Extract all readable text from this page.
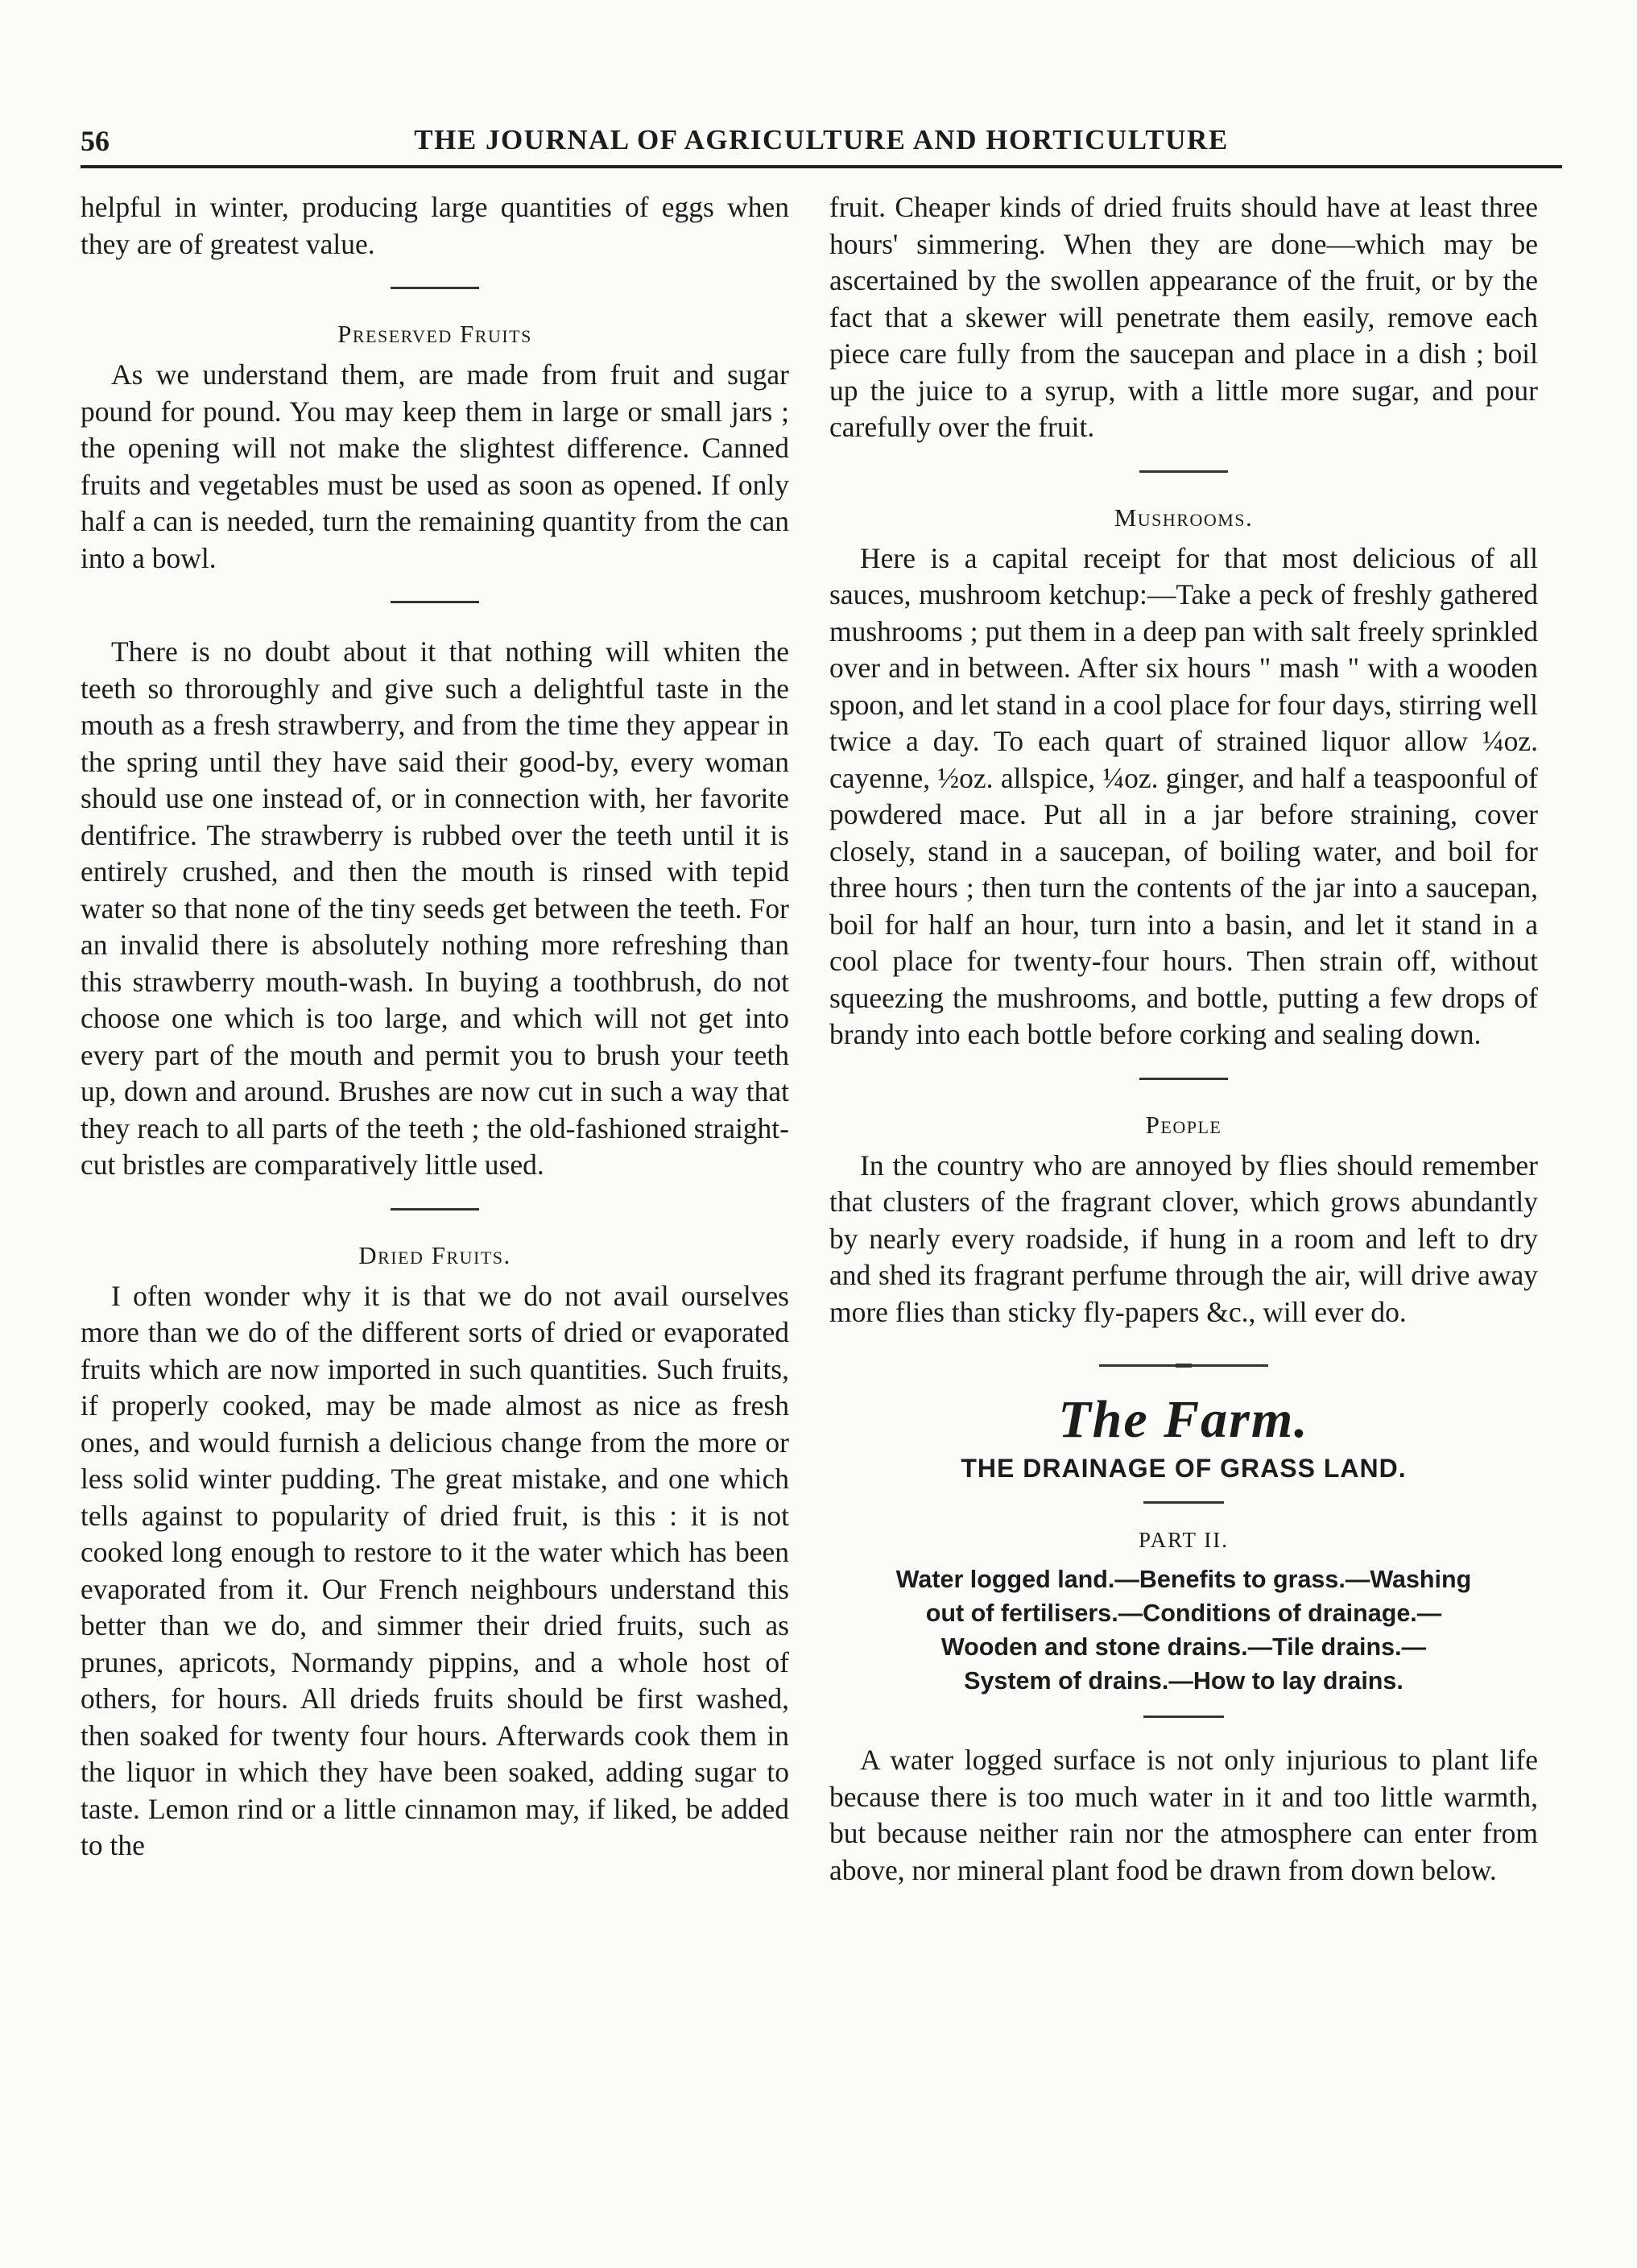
56	THE JOURNAL OF AGRICULTURE AND HORTICULTURE

helpful in winter, producing large quantities of eggs when they are of greatest value.

Preserved Fruits

As we understand them, are made from fruit and sugar pound for pound. You may keep them in large or small jars ; the opening will not make the slightest difference. Canned fruits and vegetables must be used as soon as opened. If only half a can is needed, turn the remaining quantity from the can into a bowl.

There is no doubt about it that nothing will whiten the teeth so throroughly and give such a delightful taste in the mouth as a fresh strawberry, and from the time they appear in the spring until they have said their good-by, every woman should use one instead of, or in connection with, her favorite dentifrice. The strawberry is rubbed over the teeth until it is entirely crushed, and then the mouth is rinsed with tepid water so that none of the tiny seeds get between the teeth. For an invalid there is absolutely nothing more refreshing than this strawberry mouth-wash. In buying a toothbrush, do not choose one which is too large, and which will not get into every part of the mouth and permit you to brush your teeth up, down and around. Brushes are now cut in such a way that they reach to all parts of the teeth ; the old-fashioned straight-cut bristles are comparatively little used.

Dried Fruits.

I often wonder why it is that we do not avail ourselves more than we do of the different sorts of dried or evaporated fruits which are now imported in such quantities. Such fruits, if properly cooked, may be made almost as nice as fresh ones, and would furnish a delicious change from the more or less solid winter pudding. The great mistake, and one which tells against to popularity of dried fruit, is this : it is not cooked long enough to restore to it the water which has been evaporated from it. Our French neighbours understand this better than we do, and simmer their dried fruits, such as prunes, apricots, Normandy pippins, and a whole host of others, for hours. All drieds fruits should be first washed, then soaked for twenty four hours. Afterwards cook them in the liquor in which they have been soaked, adding sugar to taste. Lemon rind or a little cinnamon may, if liked, be added to the

fruit. Cheaper kinds of dried fruits should have at least three hours' simmering. When they are done—which may be ascertained by the swollen appearance of the fruit, or by the fact that a skewer will penetrate them easily, remove each piece care fully from the saucepan and place in a dish ; boil up the juice to a syrup, with a little more sugar, and pour carefully over the fruit.

Mushrooms.

Here is a capital receipt for that most delicious of all sauces, mushroom ketchup:—Take a peck of freshly gathered mushrooms ; put them in a deep pan with salt freely sprinkled over and in between. After six hours " mash " with a wooden spoon, and let stand in a cool place for four days, stirring well twice a day. To each quart of strained liquor allow ¼oz. cayenne, ½oz. allspice, ¼oz. ginger, and half a teaspoonful of powdered mace. Put all in a jar before straining, cover closely, stand in a saucepan, of boiling water, and boil for three hours ; then turn the contents of the jar into a saucepan, boil for half an hour, turn into a basin, and let it stand in a cool place for twenty-four hours. Then strain off, without squeezing the mushrooms, and bottle, putting a few drops of brandy into each bottle before corking and sealing down.

People

In the country who are annoyed by flies should remember that clusters of the fragrant clover, which grows abundantly by nearly every roadside, if hung in a room and left to dry and shed its fragrant perfume through the air, will drive away more flies than sticky fly-papers &c., will ever do.

The Farm.
THE DRAINAGE OF GRASS LAND.
PART II.
Water logged land.—Benefits to grass.—Washing
out of fertilisers.—Conditions of drainage.—
Wooden and stone drains.—Tile drains.—
System of drains.—How to lay drains.

A water logged surface is not only injurious to plant life because there is too much water in it and too little warmth, but because neither rain nor the atmosphere can enter from above, nor mineral plant food be drawn from down below.
